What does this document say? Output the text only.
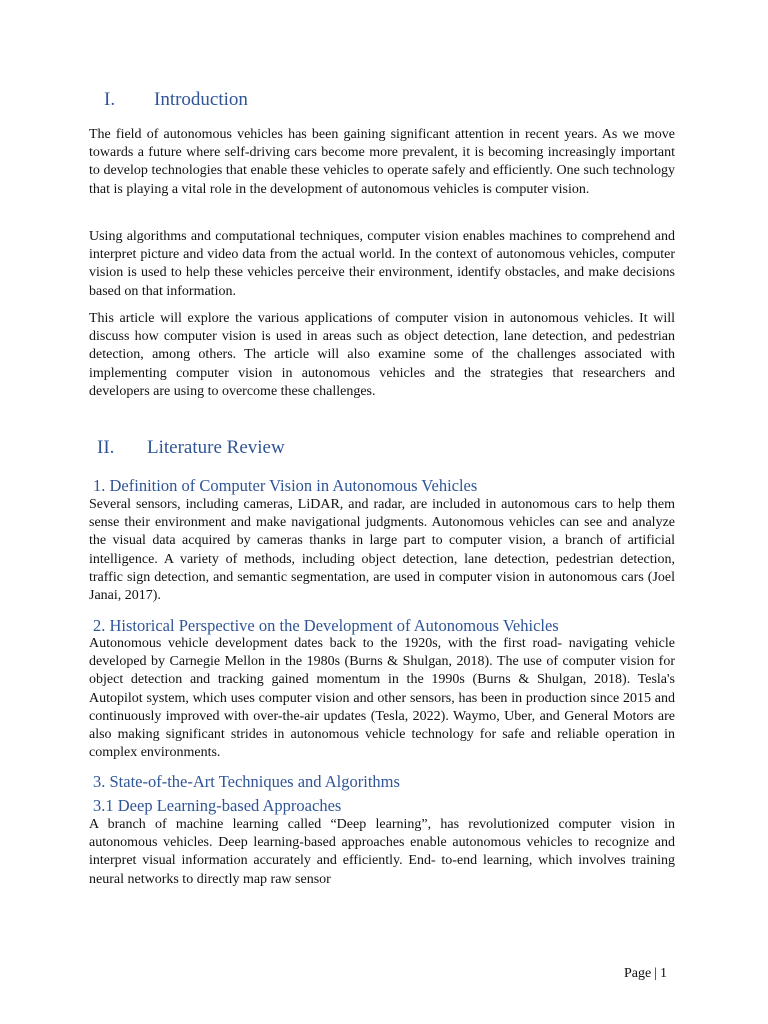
I. Introduction

The field of autonomous vehicles has been gaining significant attention in recent years. As we move towards a future where self-driving cars become more prevalent, it is becoming increasingly important to develop technologies that enable these vehicles to operate safely and efficiently. One such technology that is playing a vital role in the development of autonomous vehicles is computer vision.

Using algorithms and computational techniques, computer vision enables machines to comprehend and interpret picture and video data from the actual world. In the context of autonomous vehicles, computer vision is used to help these vehicles perceive their environment, identify obstacles, and make decisions based on that information.

This article will explore the various applications of computer vision in autonomous vehicles. It will discuss how computer vision is used in areas such as object detection, lane detection, and pedestrian detection, among others. The article will also examine some of the challenges associated with implementing computer vision in autonomous vehicles and the strategies that researchers and developers are using to overcome these challenges.

II. Literature Review
1. Definition of Computer Vision in Autonomous Vehicles

Several sensors, including cameras, LiDAR, and radar, are included in autonomous cars to help them sense their environment and make navigational judgments. Autonomous vehicles can see and analyze the visual data acquired by cameras thanks in large part to computer vision, a branch of artificial intelligence. A variety of methods, including object detection, lane detection, pedestrian detection, traffic sign detection, and semantic segmentation, are used in computer vision in autonomous cars (Joel Janai, 2017).

2. Historical Perspective on the Development of Autonomous Vehicles

Autonomous vehicle development dates back to the 1920s, with the first road- navigating vehicle developed by Carnegie Mellon in the 1980s (Burns & Shulgan, 2018). The use of computer vision for object detection and tracking gained momentum in the 1990s (Burns & Shulgan, 2018). Tesla's Autopilot system, which uses computer vision and other sensors, has been in production since 2015 and continuously improved with over-the-air updates (Tesla, 2022). Waymo, Uber, and General Motors are also making significant strides in autonomous vehicle technology for safe and reliable operation in complex environments.

3. State-of-the-Art Techniques and Algorithms
3.1 Deep Learning-based Approaches

A branch of machine learning called “Deep learning”, has revolutionized computer vision in autonomous vehicles. Deep learning-based approaches enable autonomous vehicles to recognize and interpret visual information accurately and efficiently. End- to-end learning, which involves training neural networks to directly map raw sensor

Page | 1
